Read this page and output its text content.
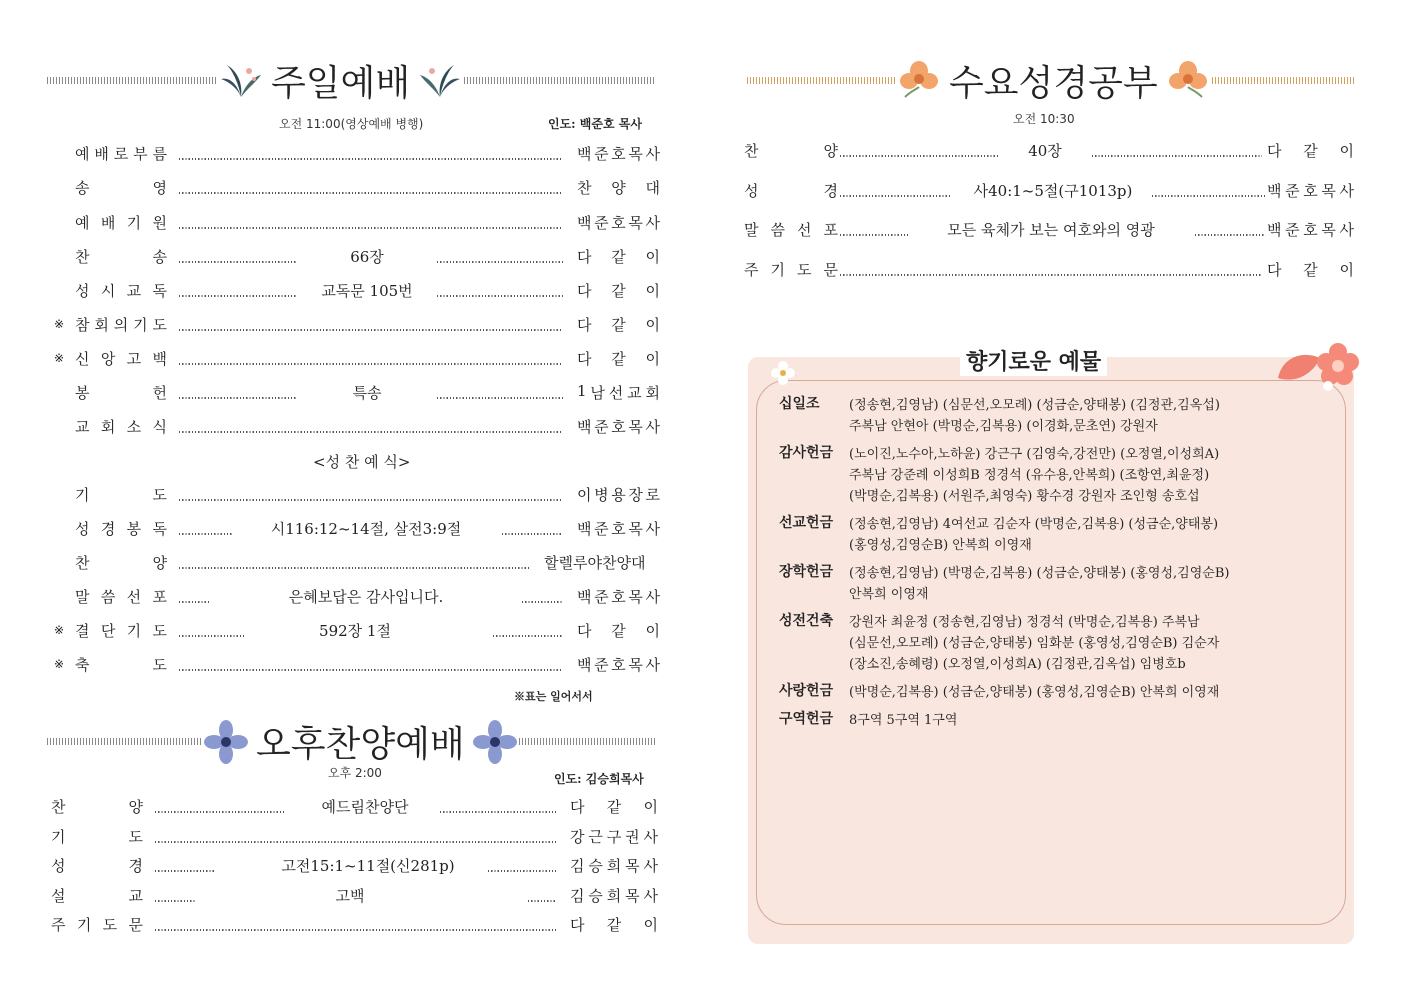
주일예배
오전 11:00(영상예배 병행)	인도: 백준호 목사
예 배 로 부 름	백 준 호 목 사
송	영	찬 양 대
예 배 기 원	백 준 호 목 사
찬	송	66장	다 같 이
성 시 교 독	교독문 105번	다 같 이
※ 참 회 의 기 도	다 같 이
※ 신 앙 고 백	다 같 이
봉	헌	특송	1 남 선 교 회
교 회 소 식	백 준 호 목 사
기	도	이 병 용 장 로
성 경 봉 독	시116:12~14절, 살전3:9절	백 준 호 목 사
찬	양	할 렐 루 야 찬 양 대
말 씀 선 포	은혜보답은 감사입니다.	백 준 호 목 사
※ 결 단 기 도	592장 1절	다 같 이
※ 축	도	백 준 호 목 사
<성 찬 예 식>
※표는 일어서서
오후찬양예배
오후 2:00	인도: 김승희목사
찬	양	예드림찬양단	다 같 이
기	도	강 근 구 권 사
성	경	고전15:1~11절(신281p)	김 승 희 목 사
설	교	고백	김 승 희 목 사
주 기 도 문	다 같 이
수요성경공부
오전 10:30
찬	양	40장	다 같 이
성	경	사40:1~5절(구1013p)	백 준 호 목 사
말 씀 선 포	모든 육체가 보는 여호와의 영광	백 준 호 목 사
주 기 도 문	다 같 이
향기로운 예물
십일조 (정송현,김영남) (심문선,오모례) (성금순,양태봉) (김정관,김옥섭)
주복남 안현아 (박명순,김복용) (이경화,문초연) 강원자
감사헌금 (노이진,노수아,노하윤) 강근구 (김영숙,강전만) (오정열,이성희A)
주복남 강준례 이성희B 정경석 (유수용,안복희) (조항연,최윤정)
(박명순,김복용) (서원주,최영숙) 황수경 강원자 조인형 송호섭
선교헌금 (정송현,김영남) 4여선교 김순자 (박명순,김복용) (성금순,양태봉)
(홍영성,김영순B) 안복희 이영재
장학헌금 (정송현,김영남) (박명순,김복용) (성금순,양태봉) (홍영성,김영순B)
안복희 이영재
성전건축 강원자 최윤정 (정송현,김영남) 정경석 (박명순,김복용) 주복남
(심문선,오모례) (성금순,양태봉) 임화분 (홍영성,김영순B) 김순자
(장소진,송혜령) (오정열,이성희A) (김정관,김옥섭) 임병호b
사랑헌금 (박명순,김복용) (성금순,양태봉) (홍영성,김영순B) 안복희 이영재
구역헌금 8구역 5구역 1구역
